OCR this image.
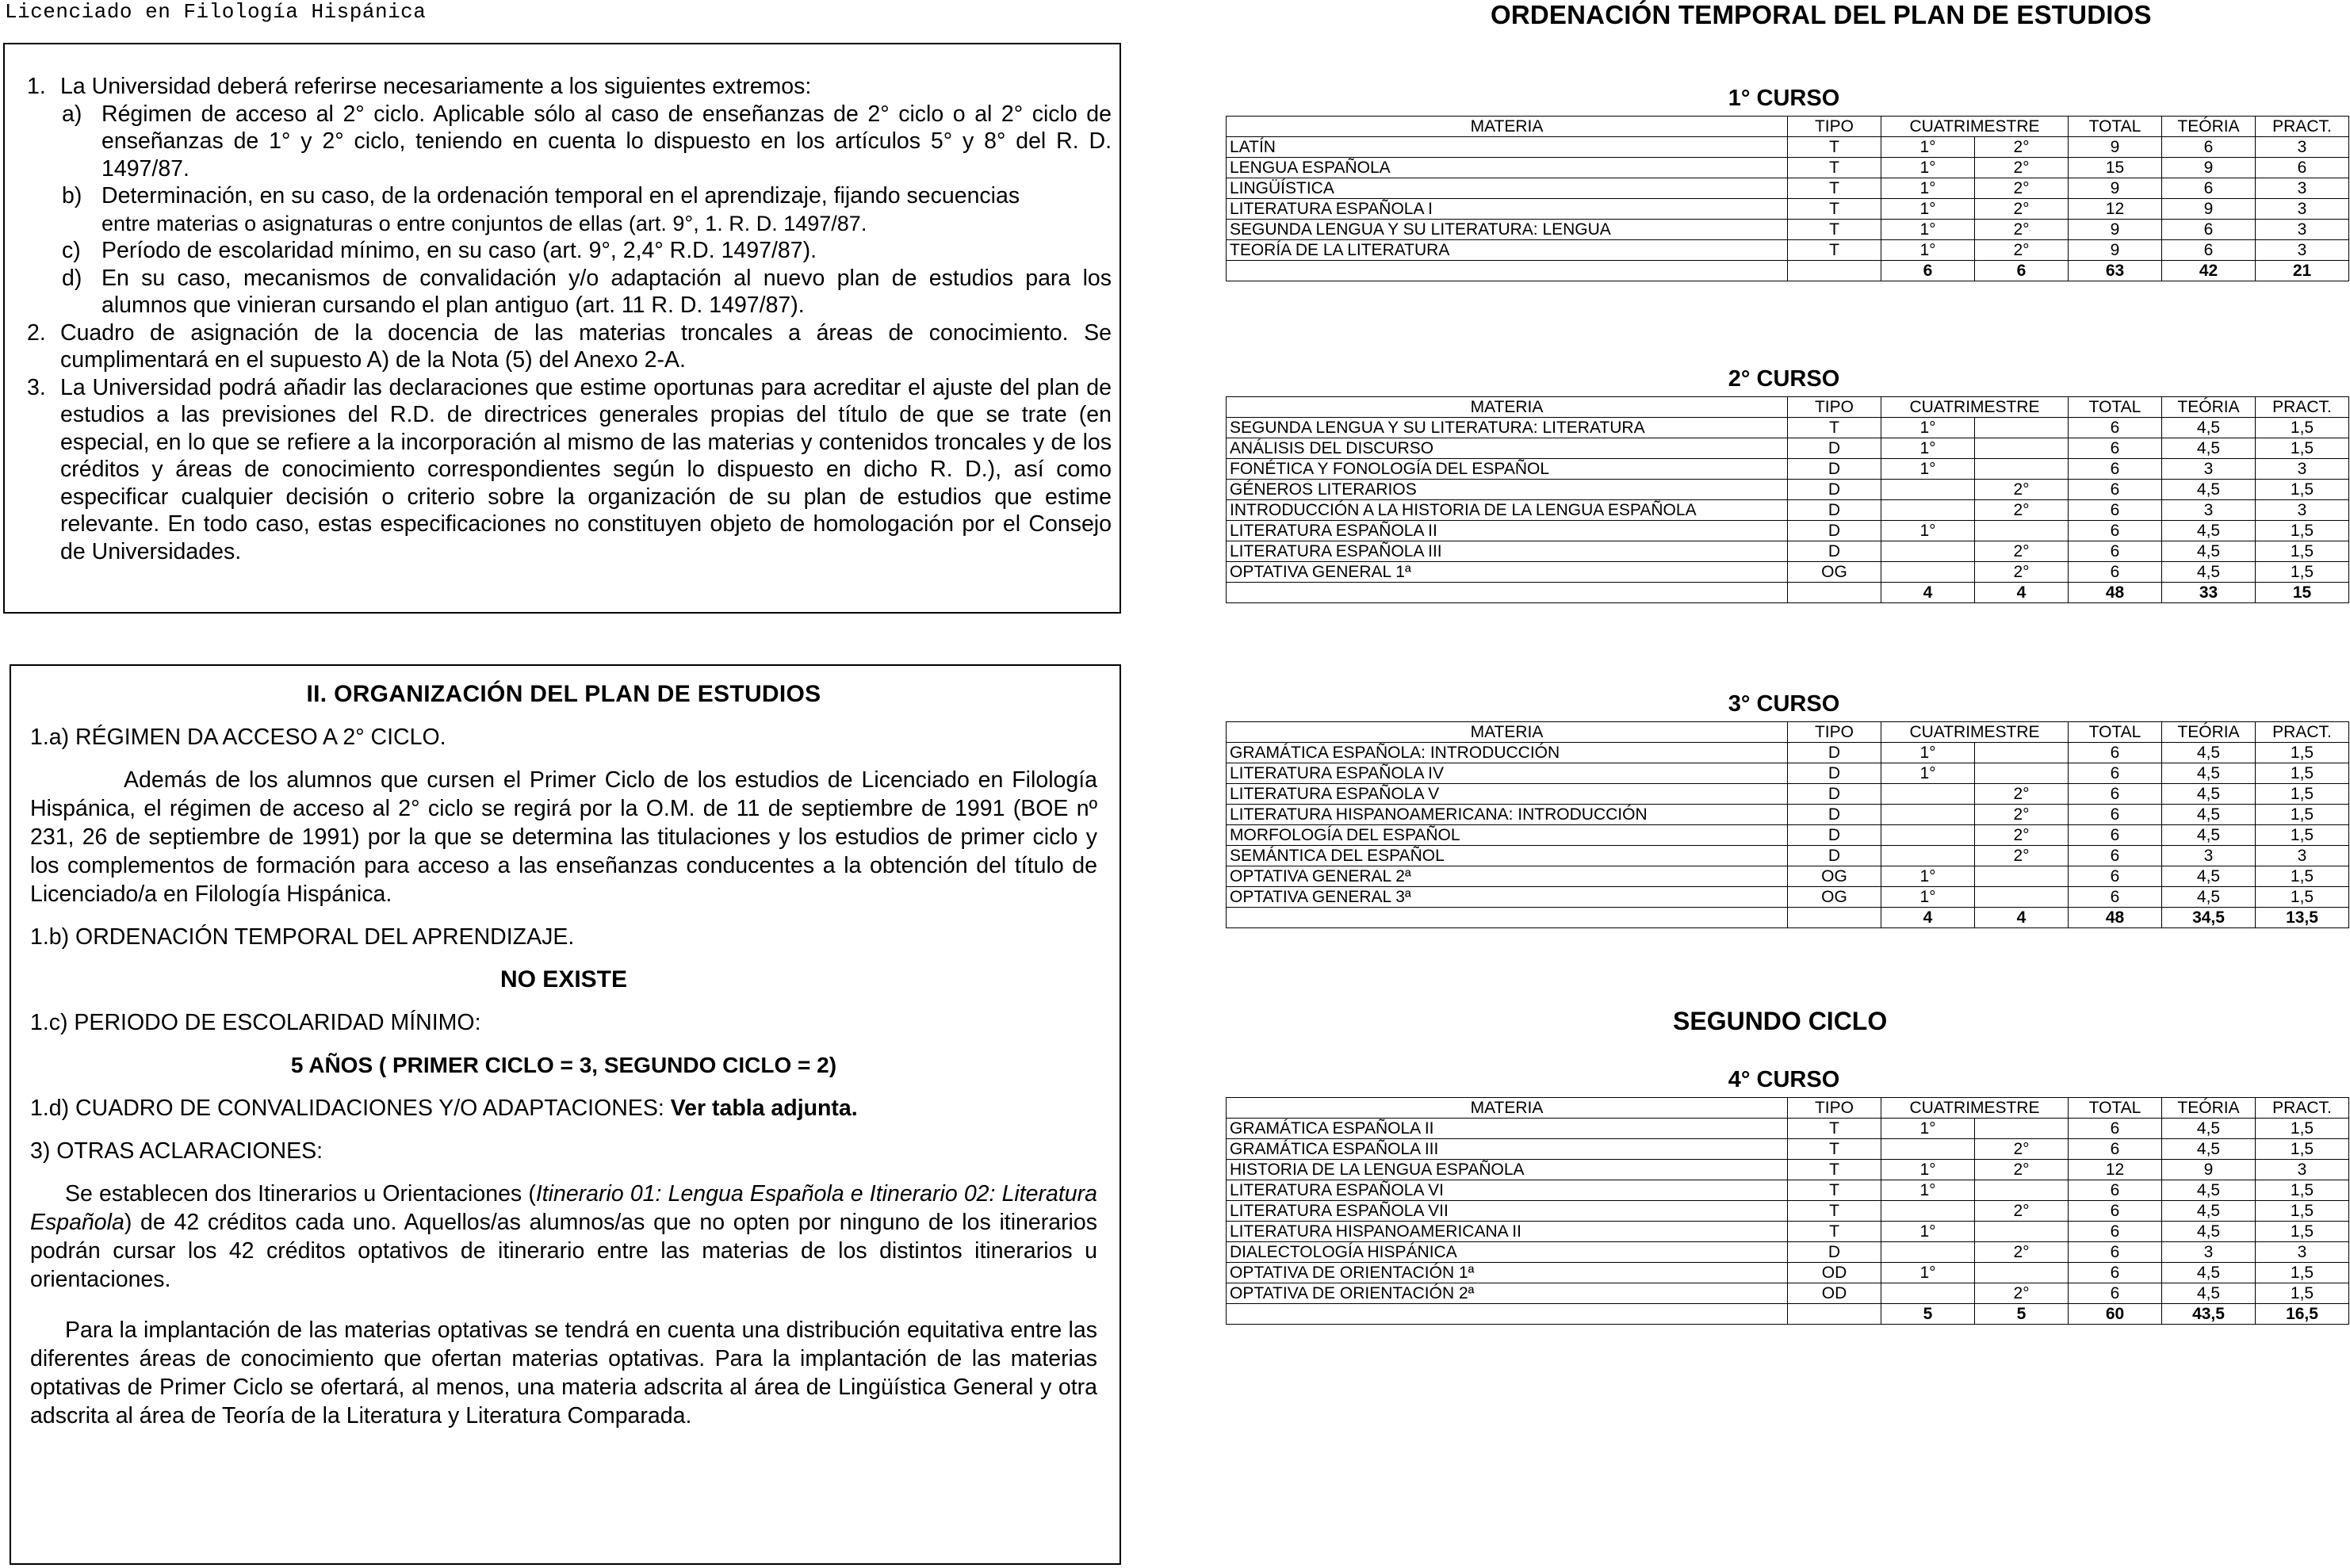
Licenciado en Filología Hispánica
1. La Universidad deberá referirse necesariamente a los siguientes extremos:
a) Régimen de acceso al 2° ciclo. Aplicable sólo al caso de enseñanzas de 2° ciclo o al 2° ciclo de enseñanzas de 1° y 2° ciclo, teniendo en cuenta lo dispuesto en los artículos 5° y 8° del R. D. 1497/87.
b) Determinación, en su caso, de la ordenación temporal en el aprendizaje, fijando secuencias
entre materias o asignaturas o entre conjuntos de ellas (art. 9°, 1. R. D. 1497/87.
c) Período de escolaridad mínimo, en su caso (art. 9°, 2,4° R.D. 1497/87).
d) En su caso, mecanismos de convalidación y/o adaptación al nuevo plan de estudios para los alumnos que vinieran cursando el plan antiguo (art. 11 R. D. 1497/87).
2. Cuadro de asignación de la docencia de las materias troncales a áreas de conocimiento. Se cumplimentará en el supuesto A) de la Nota (5) del Anexo 2-A.
3. La Universidad podrá añadir las declaraciones que estime oportunas para acreditar el ajuste del plan de estudios a las previsiones del R.D. de directrices generales propias del título de que se trate (en especial, en lo que se refiere a la incorporación al mismo de las materias y contenidos troncales y de los créditos y áreas de conocimiento correspondientes según lo dispuesto en dicho R. D.), así como especificar cualquier decisión o criterio sobre la organización de su plan de estudios que estime relevante. En todo caso, estas especificaciones no constituyen objeto de homologación por el Consejo de Universidades.
II. ORGANIZACIÓN DEL PLAN DE ESTUDIOS
1.a) RÉGIMEN DA ACCESO A 2° CICLO.
Además de los alumnos que cursen el Primer Ciclo de los estudios de Licenciado en Filología Hispánica, el régimen de acceso al 2° ciclo se regirá por la O.M. de 11 de septiembre de 1991 (BOE nº 231, 26 de septiembre de 1991) por la que se determina las titulaciones y los estudios de primer ciclo y los complementos de formación para acceso a las enseñanzas conducentes a la obtención del título de Licenciado/a en Filología Hispánica.
1.b) ORDENACIÓN TEMPORAL DEL APRENDIZAJE.
NO EXISTE
1.c) PERIODO DE ESCOLARIDAD MÍNIMO:
5 AÑOS ( PRIMER CICLO = 3, SEGUNDO CICLO = 2)
1.d) CUADRO DE CONVALIDACIONES Y/O ADAPTACIONES: Ver tabla adjunta.
3) OTRAS ACLARACIONES:
Se establecen dos Itinerarios u Orientaciones (Itinerario 01: Lengua Española e Itinerario 02: Literatura Española) de 42 créditos cada uno. Aquellos/as alumnos/as que no opten por ninguno de los itinerarios podrán cursar los 42 créditos optativos de itinerario entre las materias de los distintos itinerarios u orientaciones.
Para la implantación de las materias optativas se tendrá en cuenta una distribución equitativa entre las diferentes áreas de conocimiento que ofertan materias optativas. Para la implantación de las materias optativas de Primer Ciclo se ofertará, al menos, una materia adscrita al área de Lingüística General y otra adscrita al área de Teoría de la Literatura y Literatura Comparada.
ORDENACIÓN TEMPORAL DEL PLAN DE ESTUDIOS
1° CURSO
MATERIA	TIPO	CUATRIMESTRE		TOTAL	TEÓRIA	PRACT.
LATÍN	T	1°	2°	9	6	3
LENGUA ESPAÑOLA	T	1°	2°	15	9	6
LINGÜÍSTICA	T	1°	2°	9	6	3
LITERATURA ESPAÑOLA I	T	1°	2°	12	9	3
SEGUNDA LENGUA Y SU LITERATURA: LENGUA	T	1°	2°	9	6	3
TEORÍA DE LA LITERATURA	T	1°	2°	9	6	3
		6	6	63	42	21
2° CURSO
MATERIA	TIPO	CUATRIMESTRE		TOTAL	TEÓRIA	PRACT.
SEGUNDA LENGUA Y SU LITERATURA: LITERATURA	T	1°		6	4,5	1,5
ANÁLISIS DEL DISCURSO	D	1°		6	4,5	1,5
FONÉTICA Y FONOLOGÍA DEL ESPAÑOL	D	1°		6	3	3
GÉNEROS LITERARIOS	D		2°	6	4,5	1,5
INTRODUCCIÓN A LA HISTORIA DE LA LENGUA ESPAÑOLA	D		2°	6	3	3
LITERATURA ESPAÑOLA II	D	1°		6	4,5	1,5
LITERATURA ESPAÑOLA III	D		2°	6	4,5	1,5
OPTATIVA GENERAL 1ª	OG		2°	6	4,5	1,5
		4	4	48	33	15
3° CURSO
MATERIA	TIPO	CUATRIMESTRE		TOTAL	TEÓRIA	PRACT.
GRAMÁTICA ESPAÑOLA: INTRODUCCIÓN	D	1°		6	4,5	1,5
LITERATURA ESPAÑOLA IV	D	1°		6	4,5	1,5
LITERATURA ESPAÑOLA V	D		2°	6	4,5	1,5
LITERATURA HISPANOAMERICANA: INTRODUCCIÓN	D		2°	6	4,5	1,5
MORFOLOGÍA DEL ESPAÑOL	D		2°	6	4,5	1,5
SEMÁNTICA DEL ESPAÑOL	D		2°	6	3	3
OPTATIVA GENERAL 2ª	OG	1°		6	4,5	1,5
OPTATIVA GENERAL 3ª	OG	1°		6	4,5	1,5
		4	4	48	34,5	13,5
SEGUNDO CICLO
4° CURSO
MATERIA	TIPO	CUATRIMESTRE		TOTAL	TEÓRIA	PRACT.
GRAMÁTICA ESPAÑOLA II	T	1°		6	4,5	1,5
GRAMÁTICA ESPAÑOLA III	T		2°	6	4,5	1,5
HISTORIA DE LA LENGUA ESPAÑOLA	T	1°	2°	12	9	3
LITERATURA ESPAÑOLA VI	T	1°		6	4,5	1,5
LITERATURA ESPAÑOLA VII	T		2°	6	4,5	1,5
LITERATURA HISPANOAMERICANA II	T	1°		6	4,5	1,5
DIALECTOLOGÍA HISPÁNICA	D		2°	6	3	3
OPTATIVA DE ORIENTACIÓN 1ª	OD	1°		6	4,5	1,5
OPTATIVA DE ORIENTACIÓN 2ª	OD		2°	6	4,5	1,5
		5	5	60	43,5	16,5
